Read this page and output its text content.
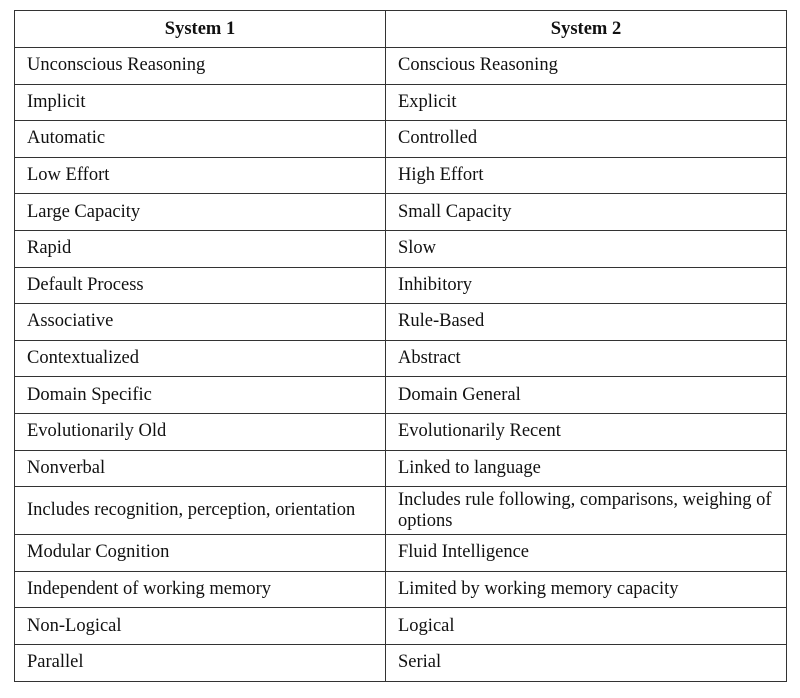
System 1	System 2
Unconscious Reasoning	Conscious Reasoning
Implicit	Explicit
Automatic	Controlled
Low Effort	High Effort
Large Capacity	Small Capacity
Rapid	Slow
Default Process	Inhibitory
Associative	Rule-Based
Contextualized	Abstract
Domain Specific	Domain General
Evolutionarily Old	Evolutionarily Recent
Nonverbal	Linked to language
Includes recognition, perception, orientation	Includes rule following, comparisons, weighing of options
Modular Cognition	Fluid Intelligence
Independent of working memory	Limited by working memory capacity
Non-Logical	Logical
Parallel	Serial
